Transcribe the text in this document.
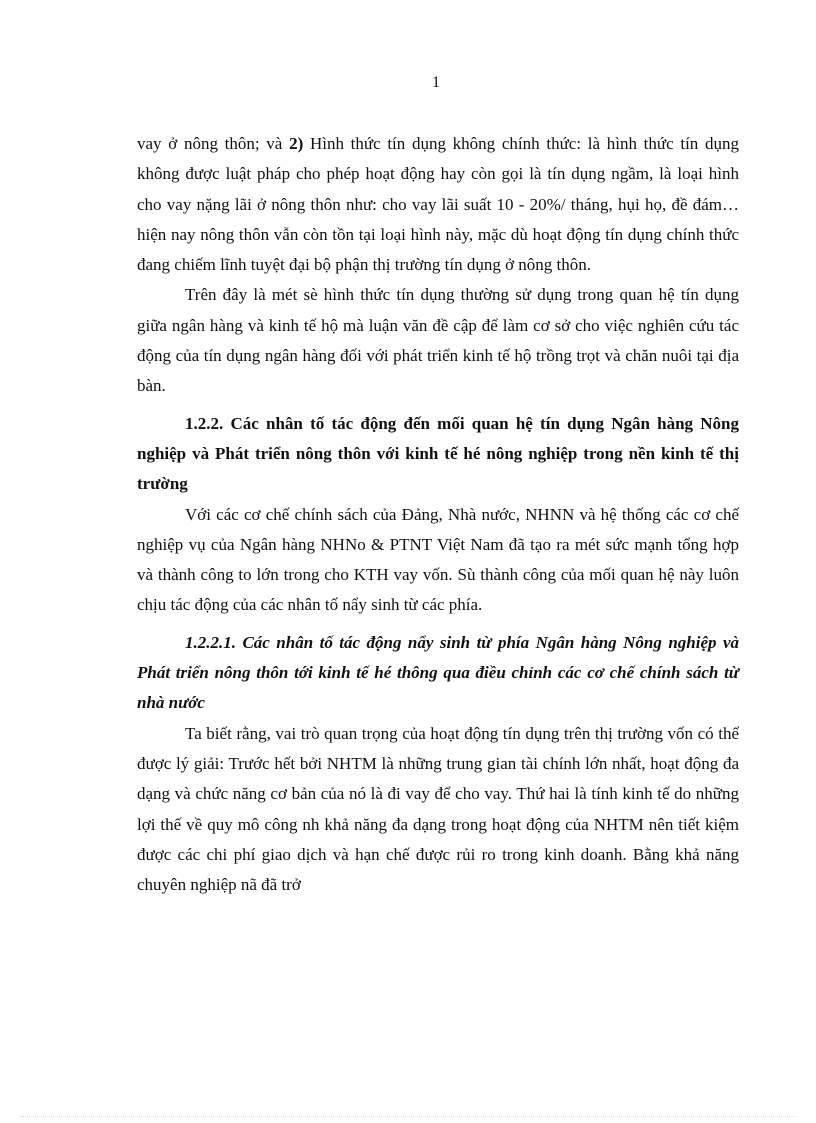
1

vay ở nông thôn; và 2) Hình thức tín dụng không chính thức: là hình thức tín dụng không được luật pháp cho phép hoạt động hay còn gọi là tín dụng ngầm, là loại hình cho vay nặng lãi ở nông thôn như: cho vay lãi suất 10 - 20%/ tháng, hụi họ, đề đám…hiện nay nông thôn vẫn còn tồn tại loại hình này, mặc dù hoạt động tín dụng chính thức đang chiếm lĩnh tuyệt đại bộ phận thị trường tín dụng ở nông thôn.

Trên đây là mét sè hình thức tín dụng thường sử dụng trong quan hệ tín dụng giữa ngân hàng và kinh tế hộ mà luận văn đề cập để làm cơ sở cho việc nghiên cứu tác động của tín dụng ngân hàng đối với phát triển kinh tế hộ trồng trọt và chăn nuôi tại địa bàn.

1.2.2. Các nhân tố tác động đến mối quan hệ tín dụng Ngân hàng Nông nghiệp và Phát triển nông thôn với kinh tế hé nông nghiệp trong nền kinh tế thị trường

Với các cơ chế chính sách của Đảng, Nhà nước, NHNN và hệ thống các cơ chế nghiệp vụ của Ngân hàng NHNo & PTNT Việt Nam đã tạo ra mét sức mạnh tổng hợp và thành công to lớn trong cho KTH vay vốn. Sù thành công của mối quan hệ này luôn chịu tác động của các nhân tố nẩy sinh từ các phía.

1.2.2.1. Các nhân tố tác động nẩy sinh từ phía Ngân hàng Nông nghiệp và Phát triển nông thôn tới kinh tế hé thông qua điều chỉnh các cơ chế chính sách từ nhà nước

Ta biết rằng, vai trò quan trọng của hoạt động tín dụng trên thị trường vốn có thể được lý giải: Trước hết bởi NHTM là những trung gian tài chính lớn nhất, hoạt động đa dạng và chức năng cơ bản của nó là đi vay để cho vay. Thứ hai là tính kinh tế do những lợi thế về quy mô công nh khả năng đa dạng trong hoạt động của NHTM nên tiết kiệm được các chi phí giao dịch và hạn chế được rủi ro trong kinh doanh. Bằng khả năng chuyên nghiệp nã đã trở
